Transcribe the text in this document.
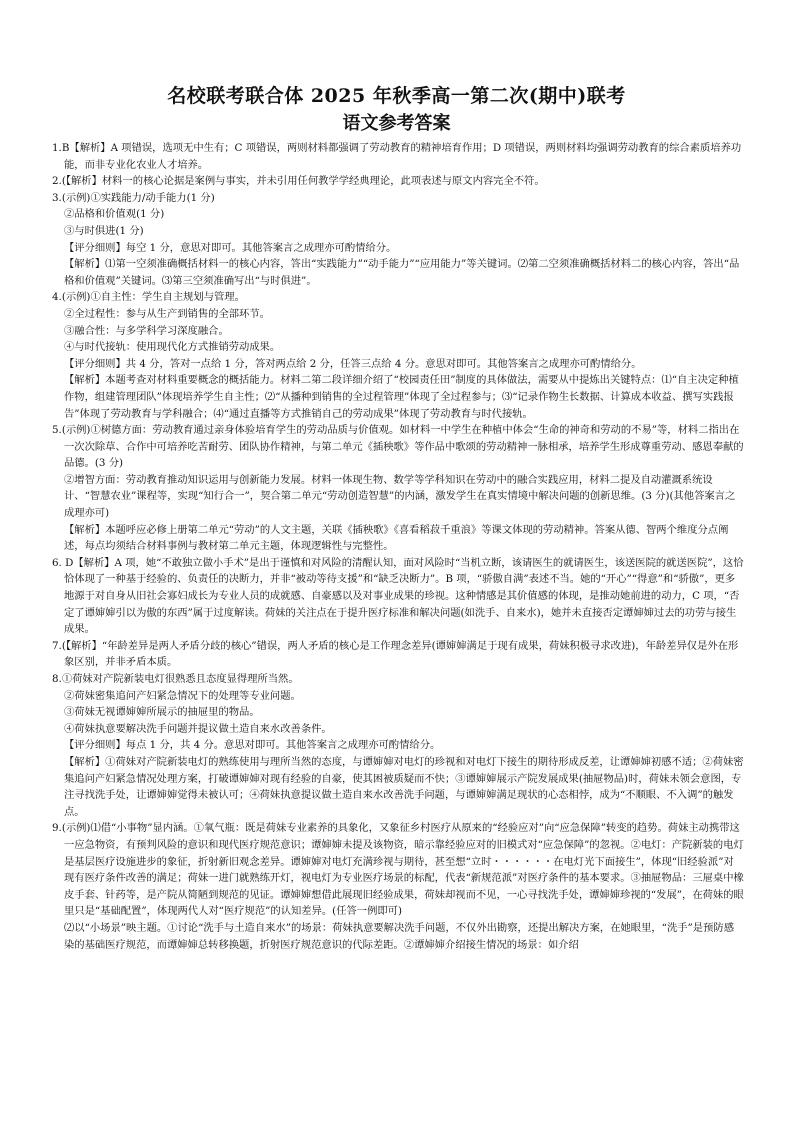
名校联考联合体 2025 年秋季高一第二次(期中)联考
语文参考答案

1.B【解析】A 项错误，选项无中生有；C 项错误，两则材料都强调了劳动教育的精神培育作用；D 项错误，两则材料均强调劳动教育的综合素质培养功能，而非专业化农业人才培养。

2.(【解析】材料一的核心论据是案例与事实，并未引用任何教学学经典理论，此项表述与原文内容完全不符。

3.(示例)①实践能力/动手能力(1 分)

②品格和价值观(1 分)

③与时俱进(1 分)

【评分细则】每空 1 分，意思对即可。其他答案言之成理亦可酌情给分。

【解析】⑴第一空须准确概括材料一的核心内容，答出“实践能力”“动手能力”“应用能力”等关键词。⑵第二空须准确概括材料二的核心内容，答出“品格和价值观”关键词。⑶第三空须准确写出“与时俱进”。

4.(示例)①自主性：学生自主规划与管理。

②全过程性：参与从生产到销售的全部环节。

③融合性：与多学科学习深度融合。

④与时代接轨：使用现代化方式推销劳动成果。

【评分细则】共 4 分，答对一点给 1 分，答对两点给 2 分，任答三点给 4 分。意思对即可。其他答案言之成理亦可酌情给分。

【解析】本题考查对材料重要概念的概括能力。材料二第二段详细介绍了“校园责任田”制度的具体做法，需要从中提炼出关键特点：⑴“自主决定种植作物，组建管理团队”体现培养学生自主性；⑵“从播种到销售的全过程管理”体现了全过程参与；⑶“记录作物生长数据、计算成本收益、撰写实践报告”体现了劳动教育与学科融合；⑷“通过直播等方式推销自己的劳动成果”体现了劳动教育与时代接轨。

5.(示例)①树德方面：劳动教育通过亲身体验培育学生的劳动品质与价值观。如材料一中学生在种植中体会“生命的神奇和劳动的不易”等，材料二指出在一次次除草、合作中可培养吃苦耐劳、团队协作精神，与第二单元《插秧歌》等作品中歌颂的劳动精神一脉相承，培养学生形成尊重劳动、感恩奉献的品德。(3 分)

②增智方面：劳动教育推动知识运用与创新能力发展。材料一体现生物、数学等学科知识在劳动中的融合实践应用，材料二提及自动灌溉系统设计、“智慧农业”课程等，实现“知行合一”，契合第二单元“劳动创造智慧”的内涵，激发学生在真实情境中解决问题的创新思维。(3 分)(其他答案言之成理亦可)

【解析】本题呼应必修上册第二单元“劳动”的人文主题，关联《插秧歌》《喜看稻菽千重浪》等课文体现的劳动精神。答案从德、智两个维度分点阐述，每点均须结合材料事例与教材第二单元主题，体现逻辑性与完整性。

6. D【解析】A 项，她“不敢独立做小手术”是出于谨慎和对风险的清醒认知，面对风险时“当机立断，该请医生的就请医生，该送医院的就送医院”，这恰恰体现了一种基于经验的、负责任的决断力，并非“被动等待支援”和“缺乏决断力”。B 项，“骄傲自满”表述不当。她的“开心”“得意”和“骄傲”，更多地源于对自身从旧社会寡妇成长为专业人员的成就感、自豪感以及对事业成果的珍视。这种情感是其价值感的体现，是推动她前进的动力，C 项，“否定了谭婶婶引以为傲的东西”属于过度解读。荷妹的关注点在于提升医疗标准和解决问题(如洗手、自来水)，她并未直接否定谭婶婶过去的功劳与接生成果。

7.(【解析】“年龄差异是两人矛盾分歧的核心”错误，两人矛盾的核心是工作理念差异(谭婶婶满足于现有成果，荷妹积极寻求改进)，年龄差异仅是外在形象区别，并非矛盾本质。

8.①荷妹对产院新装电灯很熟悉且态度显得理所当然。

②荷妹密集追问产妇紧急情况下的处理等专业问题。

③荷妹无视谭婶婶所展示的抽屉里的物品。

④荷妹执意要解决洗手问题并提议做土造自来水改善条件。

【评分细则】每点 1 分，共 4 分。意思对即可。其他答案言之成理亦可酌情给分。

【解析】①荷妹对产院新装电灯的熟练使用与理所当然的态度，与谭婶婶对电灯的珍视和对电灯下接生的期待形成反差，让谭婶婶初感不适；②荷妹密集追问产妇紧急情况处理方案，打破谭婶婶对现有经验的自豪，使其困被质疑而不快；③谭婶婶展示产院发展成果(抽屉物品)时，荷妹未领会意图，专注寻找洗手处，让谭婶婶觉得未被认可；④荷妹执意提议做土造自来水改善洗手问题，与谭婶婶满足现状的心态相悖，成为“不顺眼、不入调”的触发点。

9.(示例)⑴借“小事物”显内涵。①氧气瓶：既是荷妹专业素养的具象化，又象征乡村医疗从原来的“经验应对”向“应急保障”转变的趋势。荷妹主动携带这一应急物资，有预判风险的意识和现代医疗规范意识；谭婶婶未提及该物资，暗示靠经验应对的旧模式对“应急保障”的忽视。②电灯：产院新装的电灯是基层医疗设施进步的象征，折射新旧观念差异。谭婶婶对电灯充满珍视与期待，甚至想“立时・・・・・・在电灯光下面接生”，体现“旧经验派”对现有医疗条件改善的满足；荷妹一进门就熟练开灯，视电灯为专业医疗场景的标配，代表“新规范派”对医疗条件的基本要求。③抽屉物品：三屉桌中橡皮手套、针药等，是产院从简陋到规范的见证。谭婶婶想借此展现旧经验成果，荷妹却视而不见，一心寻找洗手处，谭婶婶珍视的“发展”，在荷妹的眼里只是“基础配置”，体现两代人对“医疗规范”的认知差异。(任答一例即可)

⑵以“小场景”映主题。①讨论“洗手与土造自来水”的场景：荷妹执意要解决洗手问题，不仅外出勘察，还提出解决方案，在她眼里，“洗手”是预防感染的基础医疗规范，而谭婶婶总转移换题，折射医疗规范意识的代际差距。②谭婶婶介绍接生情况的场景：如介绍
